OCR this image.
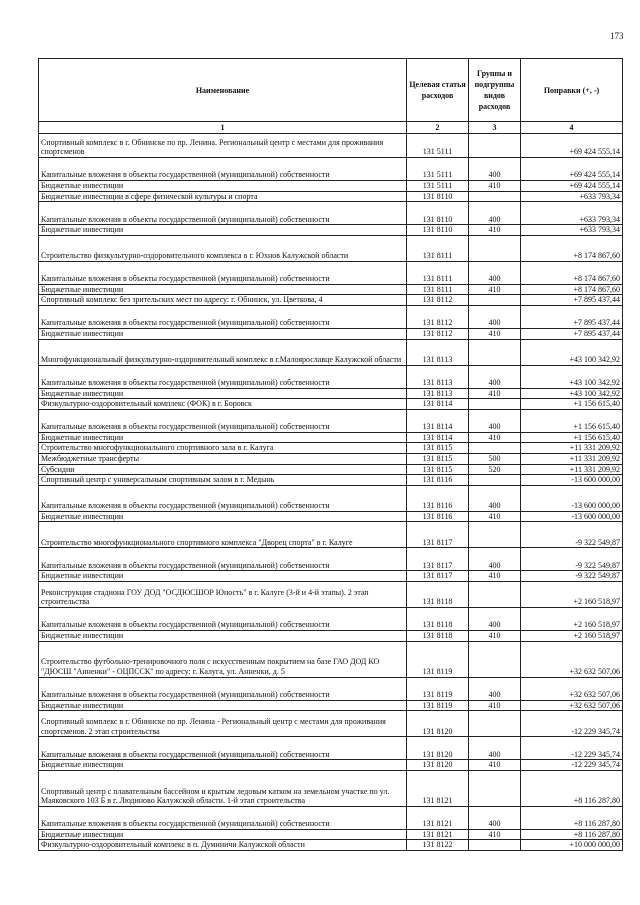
173
Наименование	Целевая статья расходов	Группы и подгруппы видов расходов	Поправки (+, -)
1	2	3	4
Спортивный комплекс в г. Обнинске по пр. Ленина. Региональный центр с местами для проживания спортсменов	131 5111		+69 424 555,14
Капитальные вложения в объекты государственной (муниципальной) собственности	131 5111	400	+69 424 555,14
Бюджетные инвестиции	131 5111	410	+69 424 555,14
Бюджетные инвестиции в сфере физической культуры и спорта	131 8110		+633 793,34
Капитальные вложения в объекты государственной (муниципальной) собственности	131 8110	400	+633 793,34
Бюджетные инвестиции	131 8110	410	+633 793,34
Строительство физкультурно-оздоровительного комплекса в г. Юхнов Калужской области	131 8111		+8 174 867,60
Капитальные вложения в объекты государственной (муниципальной) собственности	131 8111	400	+8 174 867,60
Бюджетные инвестиции	131 8111	410	+8 174 867,60
Спортивный комплекс без зрительских мест по адресу: г. Обнинск, ул. Цветкова, 4	131 8112		+7 895 437,44
Капитальные вложения в объекты государственной (муниципальной) собственности	131 8112	400	+7 895 437,44
Бюджетные инвестиции	131 8112	410	+7 895 437,44
Многофункциональный физкультурно-оздоровительный комплекс в г.Малоярославце Калужской области	131 8113		+43 100 342,92
Капитальные вложения в объекты государственной (муниципальной) собственности	131 8113	400	+43 100 342,92
Бюджетные инвестиции	131 8113	410	+43 100 342,92
Физкультурно-оздоровительный комплекс (ФОК) в г. Боровск	131 8114		+1 156 615,40
Капитальные вложения в объекты государственной (муниципальной) собственности	131 8114	400	+1 156 615,40
Бюджетные инвестиции	131 8114	410	+1 156 615,40
Строительство многофункционального спортивного зала в г. Калуга	131 8115		+11 331 209,92
Межбюджетные трансферты	131 8115	500	+11 331 209,92
Субсидии	131 8115	520	+11 331 209,92
Спортивный центр с универсальным спортивным залом в г. Медынь	131 8116		-13 600 000,00
Капитальные вложения в объекты государственной (муниципальной) собственности	131 8116	400	-13 600 000,00
Бюджетные инвестиции	131 8116	410	-13 600 000,00
Строительство многофункционального спортивного комплекса "Дворец спорта" в г. Калуге	131 8117		-9 322 549,87
Капитальные вложения в объекты государственной (муниципальной) собственности	131 8117	400	-9 322 549,87
Бюджетные инвестиции	131 8117	410	-9 322 549,87
Реконструкция стадиона ГОУ ДОД "ОСДЮСШОР Юность" в г. Калуге (3-й и 4-й этапы). 2 этап строительства	131 8118		+2 160 518,97
Капитальные вложения в объекты государственной (муниципальной) собственности	131 8118	400	+2 160 518,97
Бюджетные инвестиции	131 8118	410	+2 160 518,97
Строительство футбольно-тренировочного поля с искусственным покрытием на базе ГАО ДОД КО "ДЮСШ "Анненки" - ОЦПССК" по адресу: г. Калуга, ул. Анненки, д. 5	131 8119		+32 632 507,06
Капитальные вложения в объекты государственной (муниципальной) собственности	131 8119	400	+32 632 507,06
Бюджетные инвестиции	131 8119	410	+32 632 507,06
Спортивный комплекс в г. Обнинске по пр. Ленина - Региональный центр с местами для проживания спортсменов. 2 этап строительства	131 8120		-12 229 345,74
Капитальные вложения в объекты государственной (муниципальной) собственности	131 8120	400	-12 229 345,74
Бюджетные инвестиции	131 8120	410	-12 229 345,74
Спортивный центр с плавательным бассейном и крытым ледовым катком на земельном участке по ул. Маяковского 103 Б в г. Людиново Калужской области. 1-й этап строительства	131 8121		+8 116 287,80
Капитальные вложения в объекты государственной (муниципальной) собственности	131 8121	400	+8 116 287,80
Бюджетные инвестиции	131 8121	410	+8 116 287,80
Физкультурно-оздоровительный комплекс в п. Думиничи Калужской области	131 8122		+10 000 000,00
